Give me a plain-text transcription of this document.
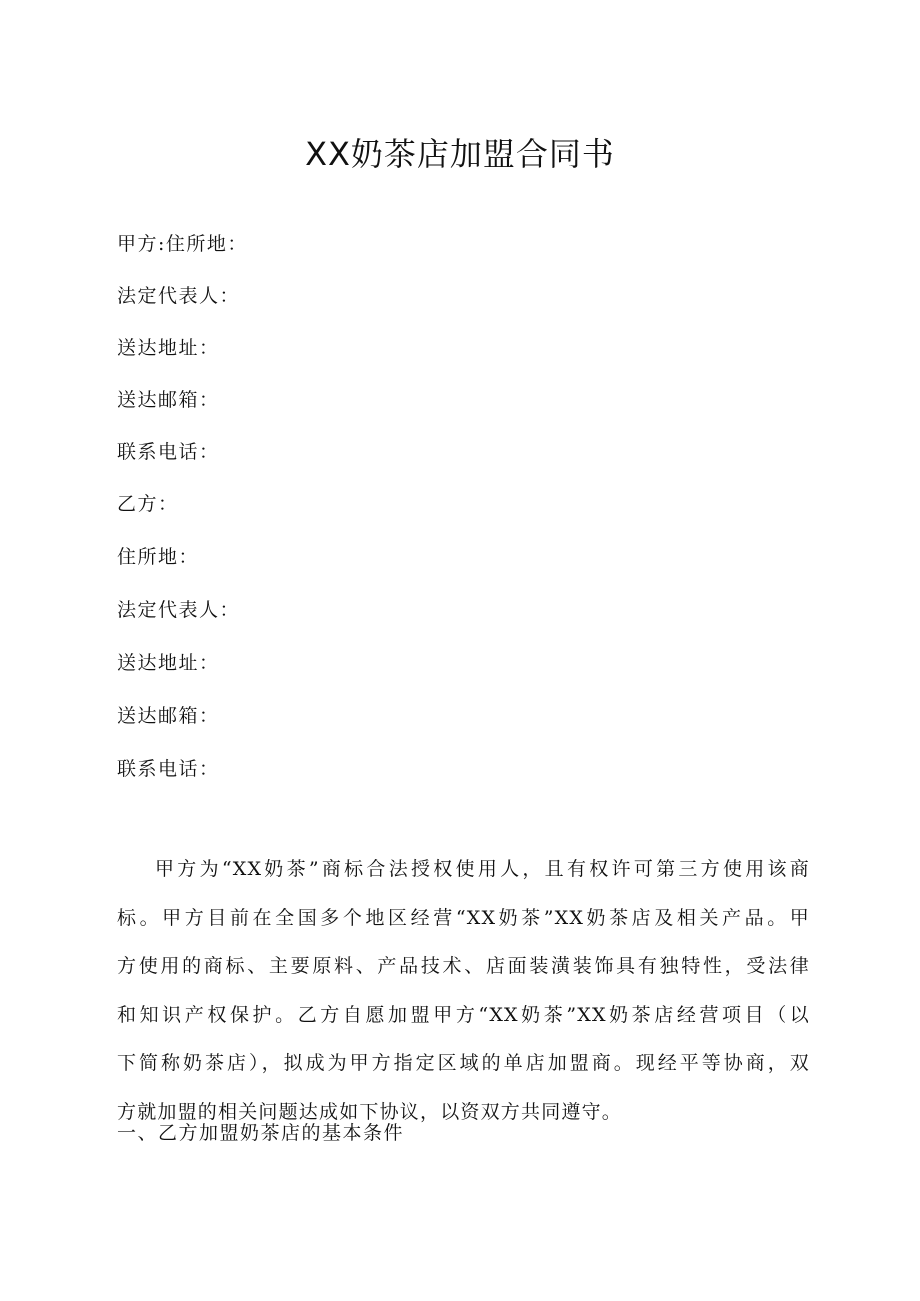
XX奶茶店加盟合同书
甲方:住所地：
法定代表人：
送达地址：
送达邮箱：
联系电话：
乙方：
住所地：
法定代表人：
送达地址：
送达邮箱：
联系电话：

甲方为“XX奶茶”商标合法授权使用人，且有权许可第三方使用该商
标。甲方目前在全国多个地区经营“XX奶茶”XX奶茶店及相关产品。甲
方使用的商标、主要原料、产品技术、店面装潢装饰具有独特性，受法律
和知识产权保护。乙方自愿加盟甲方“XX奶茶”XX奶茶店经营项目（以
下简称奶茶店），拟成为甲方指定区域的单店加盟商。现经平等协商，双
方就加盟的相关问题达成如下协议，以资双方共同遵守。

一、乙方加盟奶茶店的基本条件
